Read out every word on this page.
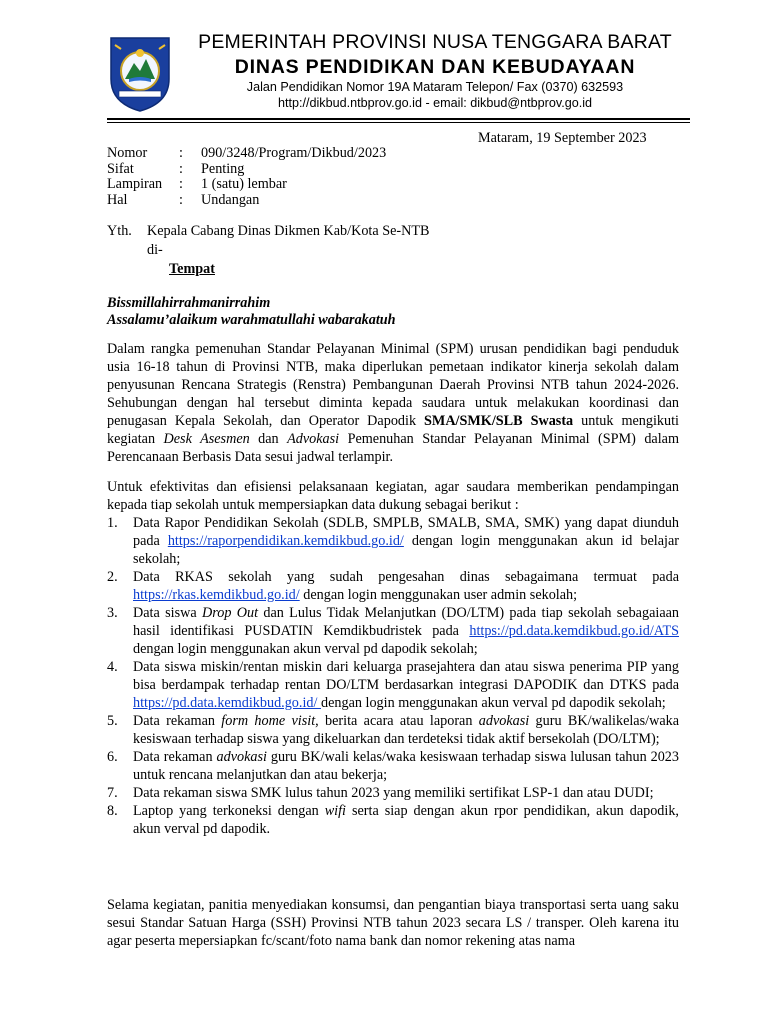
PEMERINTAH PROVINSI NUSA TENGGARA BARAT
DINAS PENDIDIKAN DAN KEBUDAYAAN
Jalan Pendidikan Nomor 19A Mataram Telepon/ Fax (0370) 632593
http://dikbud.ntbprov.go.id - email: dikbud@ntbprov.go.id
Mataram, 19 September 2023
Nomor : 090/3248/Program/Dikbud/2023
Sifat	: Penting
Lampiran : 1 (satu) lembar
Hal	: Undangan
Yth. Kepala Cabang Dinas Dikmen Kab/Kota Se-NTB
di-
Tempat
Bissmillahirrahmanirrahim
Assalamu’alaikum warahmatullahi wabarakatuh
Dalam rangka pemenuhan Standar Pelayanan Minimal (SPM) urusan pendidikan bagi penduduk usia 16-18 tahun di Provinsi NTB, maka diperlukan pemetaan indikator kinerja sekolah dalam penyusunan Rencana Strategis (Renstra) Pembangunan Daerah Provinsi NTB tahun 2024-2026. Sehubungan dengan hal tersebut diminta kepada saudara untuk melakukan koordinasi dan penugasan Kepala Sekolah, dan Operator Dapodik SMA/SMK/SLB Swasta untuk mengikuti kegiatan Desk Asesmen dan Advokasi Pemenuhan Standar Pelayanan Minimal (SPM) dalam Perencanaan Berbasis Data sesui jadwal terlampir.
Untuk efektivitas dan efisiensi pelaksanaan kegiatan, agar saudara memberikan pendampingan kepada tiap sekolah untuk mempersiapkan data dukung sebagai berikut :
1. Data Rapor Pendidikan Sekolah (SDLB, SMPLB, SMALB, SMA, SMK) yang dapat diunduh pada https://raporpendidikan.kemdikbud.go.id/ dengan login menggunakan akun id belajar sekolah;
2. Data RKAS sekolah yang sudah pengesahan dinas sebagaimana termuat pada https://rkas.kemdikbud.go.id/ dengan login menggunakan user admin sekolah;
3. Data siswa Drop Out dan Lulus Tidak Melanjutkan (DO/LTM) pada tiap sekolah sebagaiaan hasil identifikasi PUSDATIN Kemdikbudristek pada https://pd.data.kemdikbud.go.id/ATS dengan login menggunakan akun verval pd dapodik sekolah;
4. Data siswa miskin/rentan miskin dari keluarga prasejahtera dan atau siswa penerima PIP yang bisa berdampak terhadap rentan DO/LTM berdasarkan integrasi DAPODIK dan DTKS pada https://pd.data.kemdikbud.go.id/ dengan login menggunakan akun verval pd dapodik sekolah;
5. Data rekaman form home visit, berita acara atau laporan advokasi guru BK/walikelas/waka kesiswaan terhadap siswa yang dikeluarkan dan terdeteksi tidak aktif bersekolah (DO/LTM);
6. Data rekaman advokasi guru BK/wali kelas/waka kesiswaan terhadap siswa lulusan tahun 2023 untuk rencana melanjutkan dan atau bekerja;
7. Data rekaman siswa SMK lulus tahun 2023 yang memiliki sertifikat LSP-1 dan atau DUDI;
8. Laptop yang terkoneksi dengan wifi serta siap dengan akun rpor pendidikan, akun dapodik, akun verval pd dapodik.
Selama kegiatan, panitia menyediakan konsumsi, dan pengantian biaya transportasi serta uang saku sesui Standar Satuan Harga (SSH) Provinsi NTB tahun 2023 secara LS / transper. Oleh karena itu agar peserta mepersiapkan fc/scant/foto nama bank dan nomor rekening atas nama
